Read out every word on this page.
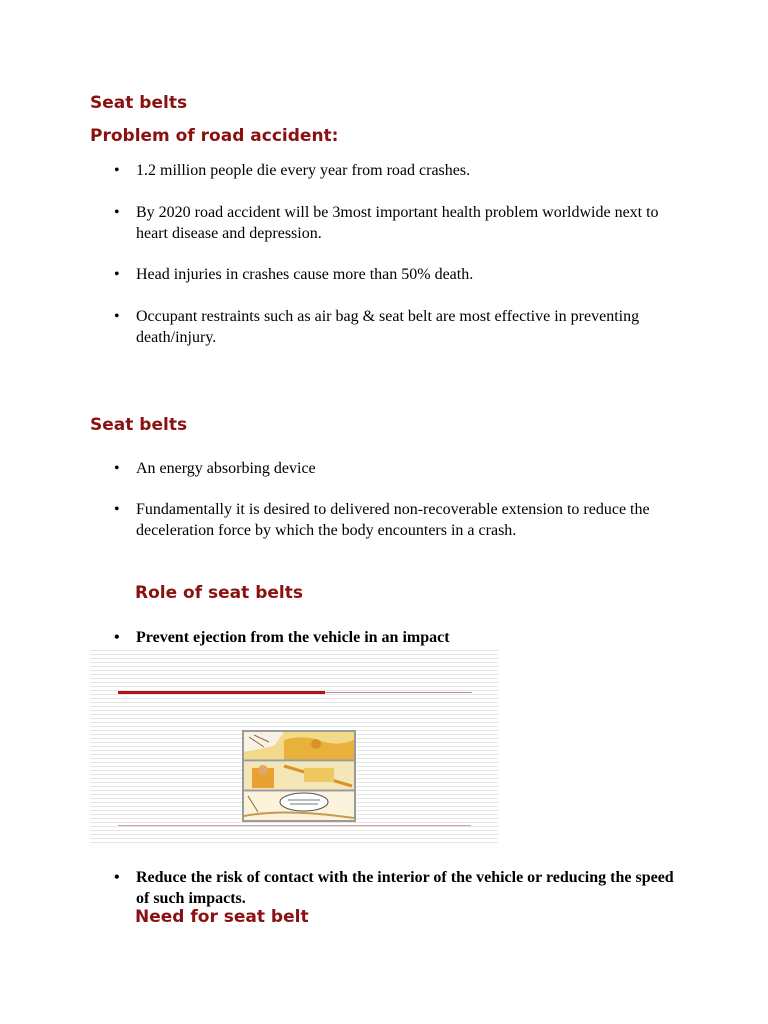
Seat belts
Problem of road accident:
• 1.2 million people die every year from road crashes.
• By 2020 road accident will be 3most important health problem worldwide next to heart disease and depression.
• Head injuries in crashes cause more than 50% death.
• Occupant restraints such as air bag & seat belt are most effective in preventing death/injury.
Seat belts
• An energy absorbing device
• Fundamentally it is desired to delivered non-recoverable extension to reduce the deceleration force by which the body encounters in a crash.
Role of seat belts
• Prevent ejection from the vehicle in an impact
• Reduce the risk of contact with the interior of the vehicle or reducing the speed of such impacts.
Need for seat belt
